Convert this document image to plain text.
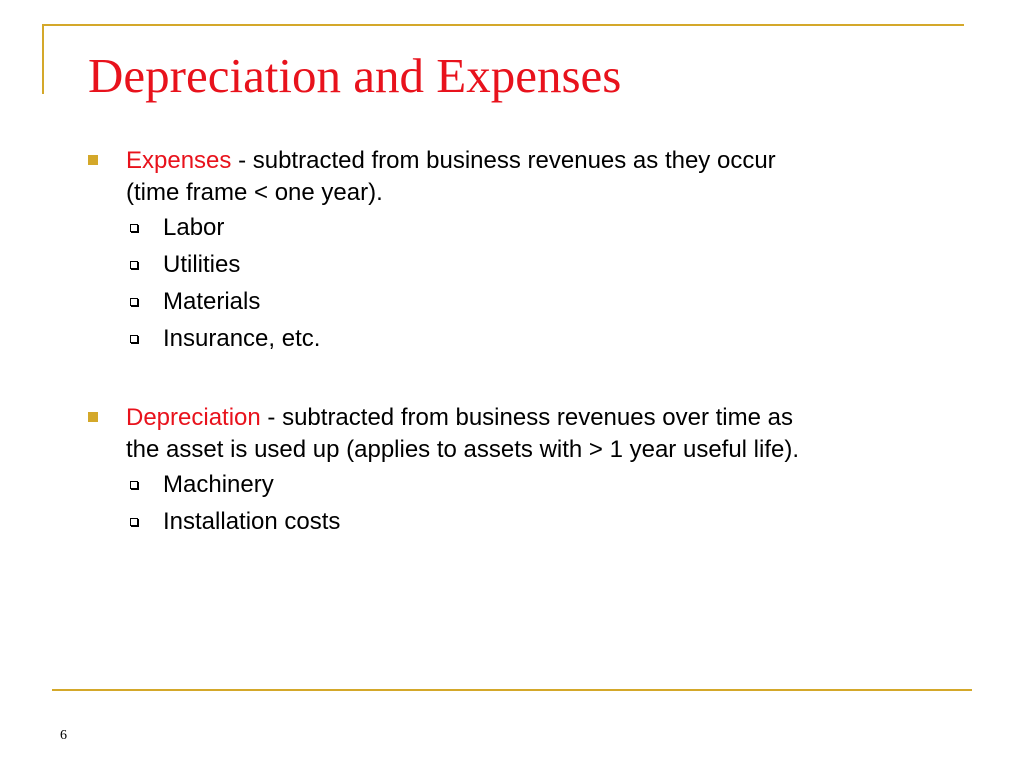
Depreciation and Expenses
Expenses - subtracted from business revenues as they occur
(time frame < one year).
Labor
Utilities
Materials
Insurance, etc.
Depreciation - subtracted from business revenues over time as
the asset is used up (applies to assets with > 1 year useful life).
Machinery
Installation costs
6
